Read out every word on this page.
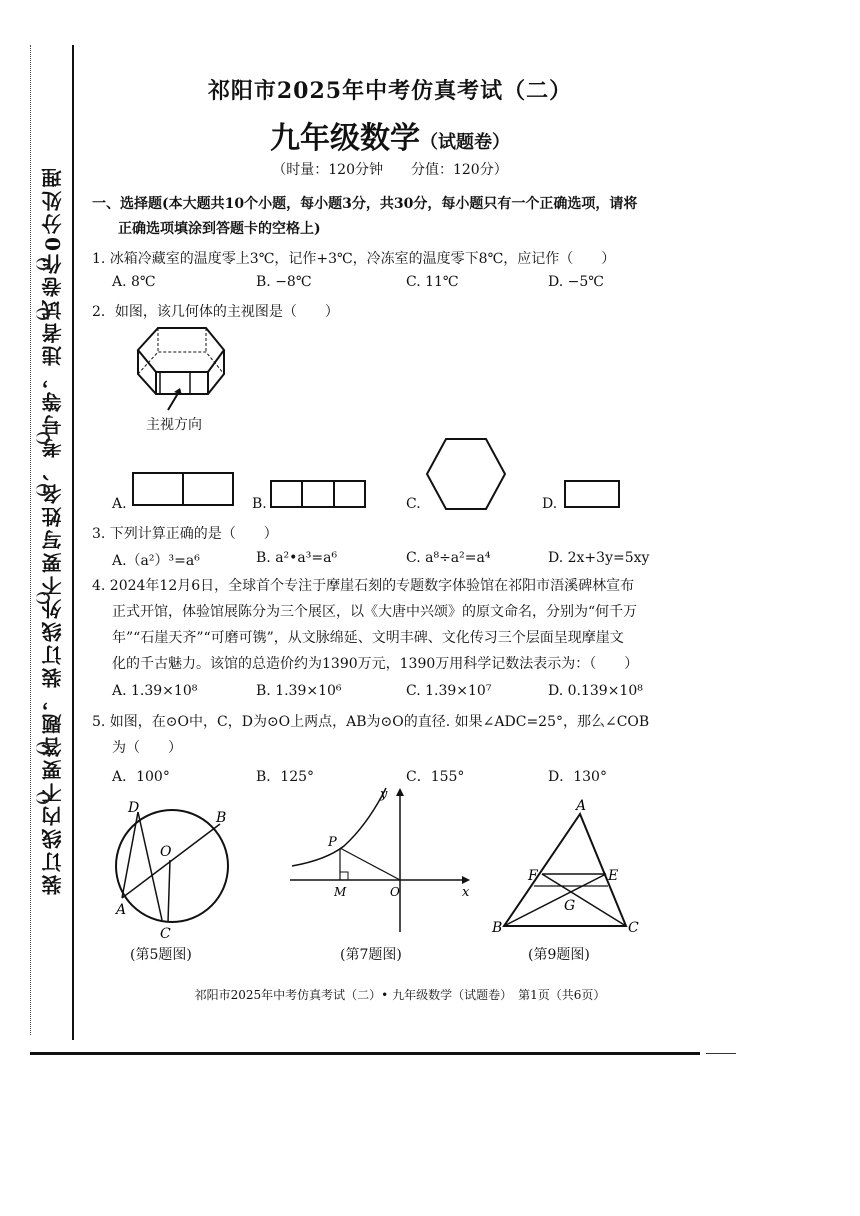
装订线内不要答题，装订线外不要写姓名、考号等，违者试卷作0分处理
祁阳市2025年中考仿真考试（二）
九年级数学（试题卷）
（时量：120分钟　　分值：120分）
一、选择题(本大题共10个小题，每小题3分，共30分，每小题只有一个正确选项，请将
正确选项填涂到答题卡的空格上)
1. 冰箱冷藏室的温度零上3℃，记作+3℃，冷冻室的温度零下8℃，应记作（　　）
A. 8℃	B. −8℃	C. 11℃	D. −5℃
2．如图，该几何体的主视图是（　　）
主视方向
A.	B.	C.	D.
3. 下列计算正确的是（　　）
A.（a²）³=a⁶	B. a²•a³=a⁶	C. a⁸÷a²=a⁴	D. 2x+3y=5xy
4. 2024年12月6日，全球首个专注于摩崖石刻的专题数字体验馆在祁阳市浯溪碑林宣布
正式开馆，体验馆展陈分为三个展区，以《大唐中兴颂》的原文命名，分别为“何千万
年”“石崖天齐”“可磨可镌”，从文脉绵延、文明丰碑、文化传习三个层面呈现摩崖文
化的千古魅力。该馆的总造价约为1390万元，1390万用科学记数法表示为：（　　）
A. 1.39×10⁸	B. 1.39×10⁶	C. 1.39×10⁷	D. 0.139×10⁸
5. 如图，在⊙O中，C，D为⊙O上两点，AB为⊙O的直径. 如果∠ADC=25°，那么∠COB
为（　　）
A．100°	B．125°	C．155°	D．130°
D
B
O
A
C
(第5题图)
y
P
M	O	x
(第7题图)
A
F	E
G
B	C
(第9题图)
祁阳市2025年中考仿真考试（二）• 九年级数学（试题卷）　第1页（共6页）
